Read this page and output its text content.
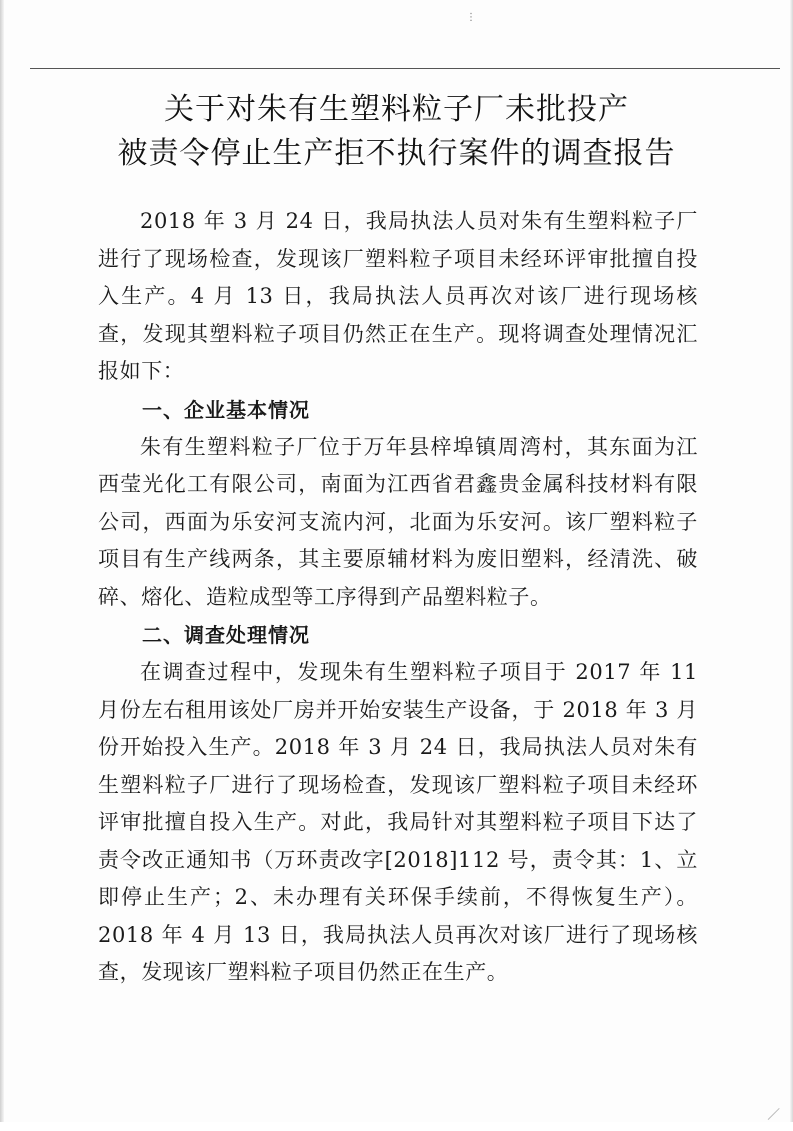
⋮
关于对朱有生塑料粒子厂未批投产
被责令停止生产拒不执行案件的调查报告

2018 年 3 月 24 日，我局执法人员对朱有生塑料粒子厂进行了现场检查，发现该厂塑料粒子项目未经环评审批擅自投入生产。4 月 13 日，我局执法人员再次对该厂进行现场核查，发现其塑料粒子项目仍然正在生产。现将调查处理情况汇报如下：

一、企业基本情况

朱有生塑料粒子厂位于万年县梓埠镇周湾村，其东面为江西莹光化工有限公司，南面为江西省君鑫贵金属科技材料有限公司，西面为乐安河支流内河，北面为乐安河。该厂塑料粒子项目有生产线两条，其主要原辅材料为废旧塑料，经清洗、破碎、熔化、造粒成型等工序得到产品塑料粒子。

二、调查处理情况

在调查过程中，发现朱有生塑料粒子项目于 2017 年 11 月份左右租用该处厂房并开始安装生产设备，于 2018 年 3 月份开始投入生产。2018 年 3 月 24 日，我局执法人员对朱有生塑料粒子厂进行了现场检查，发现该厂塑料粒子项目未经环评审批擅自投入生产。对此，我局针对其塑料粒子项目下达了责令改正通知书（万环责改字[2018]112 号，责令其：1、立即停止生产；2、未办理有关环保手续前，不得恢复生产）。2018 年 4 月 13 日，我局执法人员再次对该厂进行了现场核查，发现该厂塑料粒子项目仍然正在生产。
